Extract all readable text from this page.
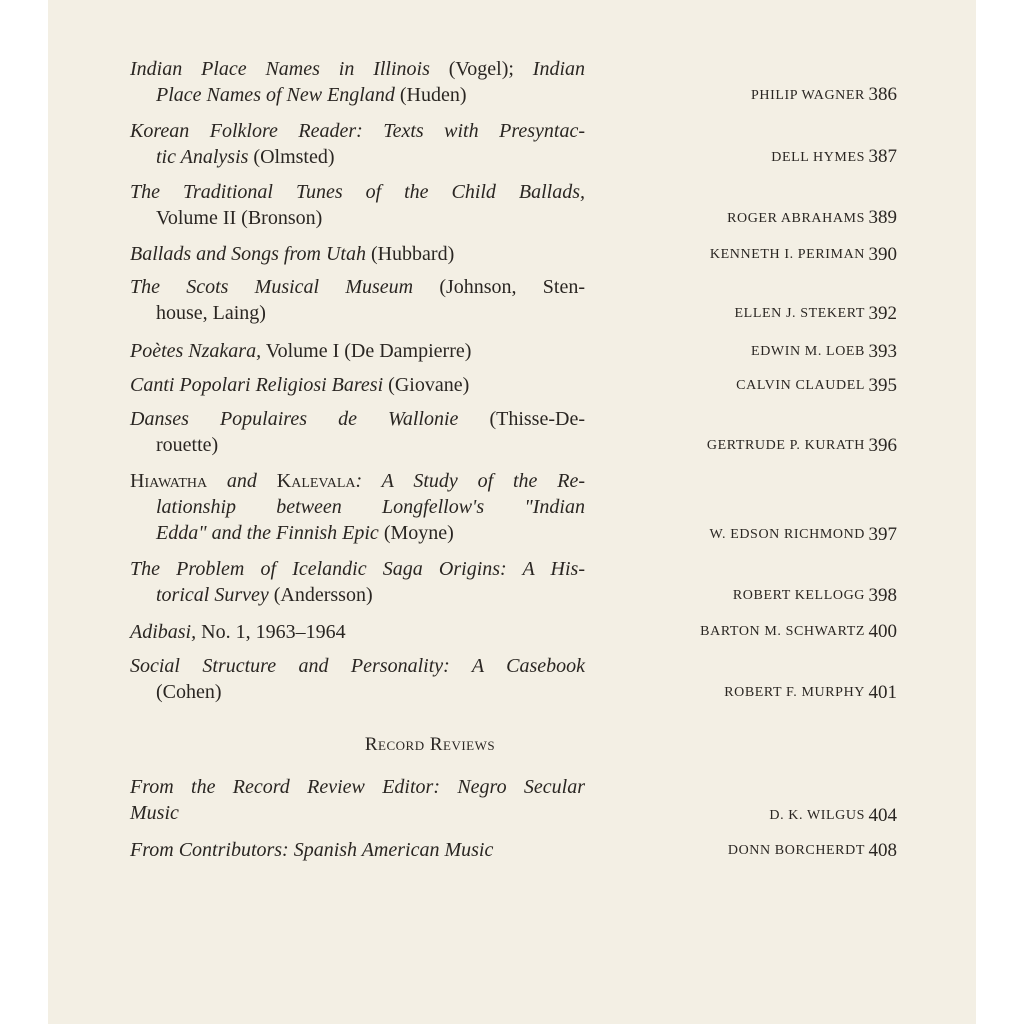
Indian Place Names in Illinois (Vogel); Indian
Place Names of New England (Huden)	PHILIP WAGNER 386
Korean Folklore Reader: Texts with Presyntac-
tic Analysis (Olmsted)	DELL HYMES 387
The Traditional Tunes of the Child Ballads,
Volume II (Bronson)	ROGER ABRAHAMS 389
Ballads and Songs from Utah (Hubbard)	KENNETH I. PERIMAN 390
The Scots Musical Museum (Johnson, Sten-
house, Laing)	ELLEN J. STEKERT 392
Poètes Nzakara, Volume I (De Dampierre)	EDWIN M. LOEB 393
Canti Popolari Religiosi Baresi (Giovane)	CALVIN CLAUDEL 395
Danses Populaires de Wallonie (Thisse-De-
rouette)	GERTRUDE P. KURATH 396
Hiawatha and Kalevala: A Study of the Re-
lationship between Longfellow's "Indian
Edda" and the Finnish Epic (Moyne)	W. EDSON RICHMOND 397
The Problem of Icelandic Saga Origins: A His-
torical Survey (Andersson)	ROBERT KELLOGG 398
Adibasi, No. 1, 1963–1964	BARTON M. SCHWARTZ 400
Social Structure and Personality: A Casebook
(Cohen)	ROBERT F. MURPHY 401
Record Reviews
From the Record Review Editor: Negro Secular
Music	D. K. WILGUS 404
From Contributors: Spanish American Music	DONN BORCHERDT 408
